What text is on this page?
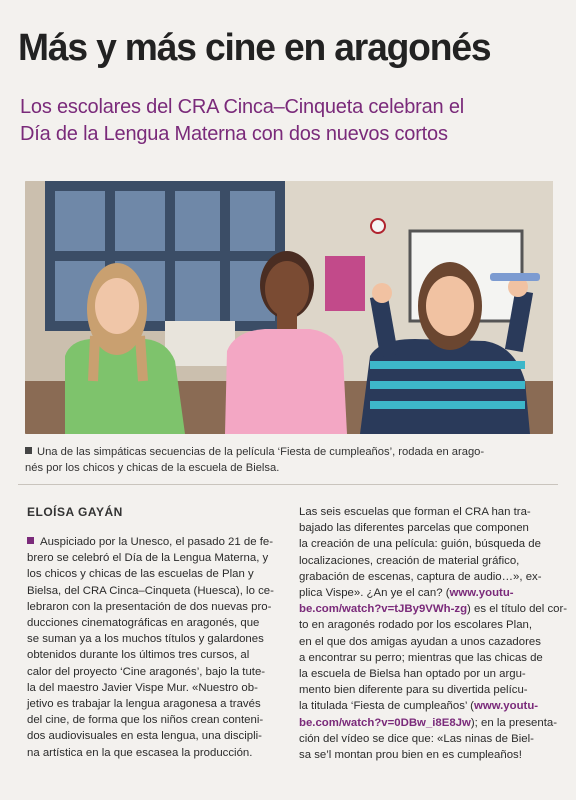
Más y más cine en aragonés
Los escolares del CRA Cinca–Cinqueta celebran el
Día de la Lengua Materna con dos nuevos cortos
Una de las simpáticas secuencias de la película ‘Fiesta de cumpleaños’, rodada en arago-
nés por los chicos y chicas de la escuela de Bielsa.
ELOÍSA GAYÁN
Auspiciado por la Unesco, el pasado 21 de fe-
brero se celebró el Día de la Lengua Materna, y
los chicos y chicas de las escuelas de Plan y
Bielsa, del CRA Cinca–Cinqueta (Huesca), lo ce-
lebraron con la presentación de dos nuevas pro-
ducciones cinematográficas en aragonés, que
se suman ya a los muchos títulos y galardones
obtenidos durante los últimos tres cursos, al
calor del proyecto ‘Cine aragonés’, bajo la tute-
la del maestro Javier Vispe Mur. «Nuestro ob-
jetivo es trabajar la lengua aragonesa a través
del cine, de forma que los niños crean conteni-
dos audiovisuales en esta lengua, una discipli-
na artística en la que escasea la producción.
Las seis escuelas que forman el CRA han tra-
bajado las diferentes parcelas que componen
la creación de una película: guión, búsqueda de
localizaciones, creación de material gráfico,
grabación de escenas, captura de audio…», ex-
plica Vispe». ¿An ye el can? (www.youtu-
be.com/watch?v=tJBy9VWh-zg) es el título del cor-
to en aragonés rodado por los escolares Plan,
en el que dos amigas ayudan a unos cazadores
a encontrar su perro; mientras que las chicas de
la escuela de Bielsa han optado por un argu-
mento bien diferente para su divertida pelícu-
la titulada ‘Fiesta de cumpleaños’ (www.youtu-
be.com/watch?v=0DBw_i8E8Jw); en la presenta-
ción del vídeo se dice que: «Las ninas de Biel-
sa se’l montan prou bien en es cumpleaños!
